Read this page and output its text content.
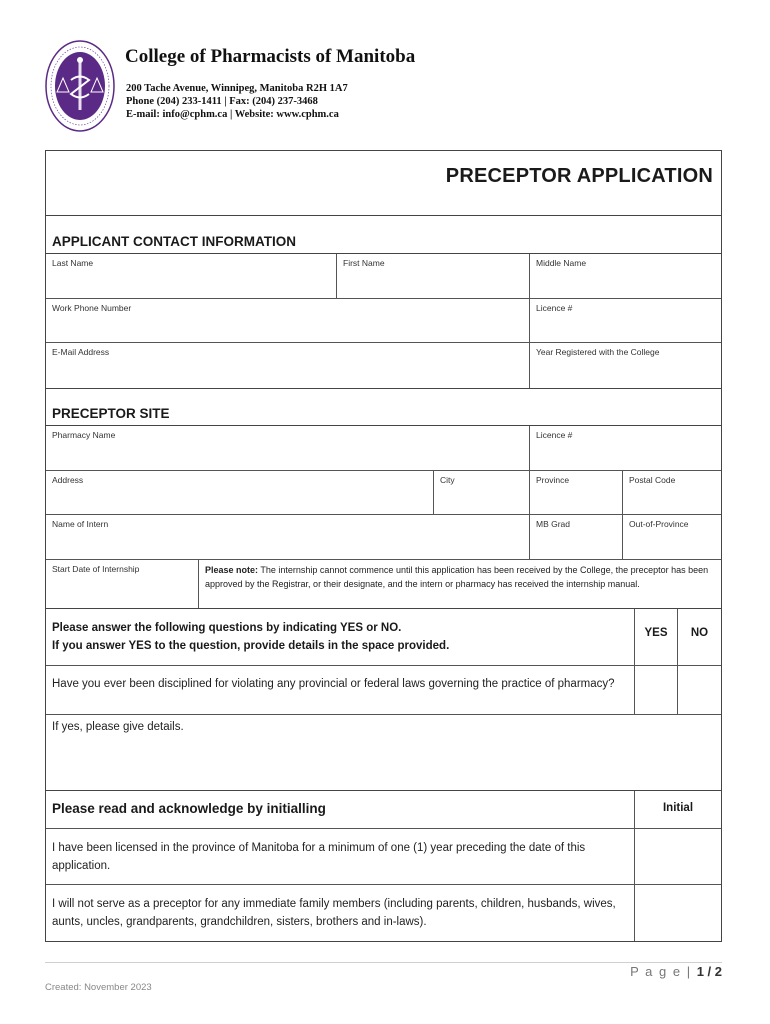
College of Pharmacists of Manitoba
200 Tache Avenue, Winnipeg, Manitoba R2H 1A7
Phone (204) 233-1411 | Fax: (204) 237-3468
E-mail: info@cphm.ca | Website: www.cphm.ca
PRECEPTOR APPLICATION
APPLICANT CONTACT INFORMATION
Last Name	First Name	Middle Name
Work Phone Number	Licence #
E-Mail Address	Year Registered with the College
PRECEPTOR SITE
Pharmacy Name	Licence #
Address	City	Province	Postal Code
Name of Intern	MB Grad	Out-of-Province
Start Date of Internship	Please note: The internship cannot commence until this application has been received by the College, the preceptor has been approved by the Registrar, or their designate, and the intern or pharmacy has received the internship manual.
Please answer the following questions by indicating YES or NO.
If you answer YES to the question, provide details in the space provided.
YES	NO
Have you ever been disciplined for violating any provincial or federal laws governing the practice of pharmacy?
If yes, please give details.
Please read and acknowledge by initialling	Initial
I have been licensed in the province of Manitoba for a minimum of one (1) year preceding the date of this application.
I will not serve as a preceptor for any immediate family members (including parents, children, husbands, wives, aunts, uncles, grandparents, grandchildren, sisters, brothers and in-laws).
P a g e | 1 / 2
Created: November 2023
